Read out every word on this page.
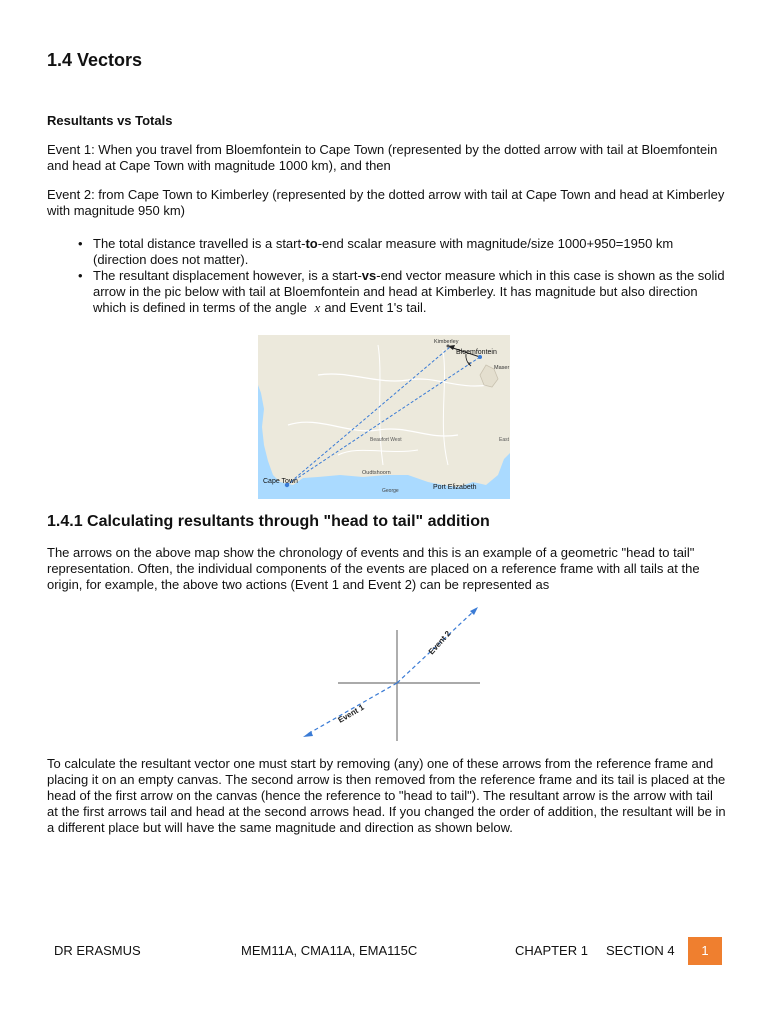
1.4 Vectors
Resultants vs Totals

Event 1: When you travel from Bloemfontein to Cape Town (represented by the dotted arrow with tail at Bloemfontein and head at Cape Town with magnitude 1000 km), and then

Event 2: from Cape Town to Kimberley (represented by the dotted arrow with tail at Cape Town and head at Kimberley with magnitude 950 km)

• The total distance travelled is a start-to-end scalar measure with magnitude/size 1000+950=1950 km (direction does not matter).
• The resultant displacement however, is a start-vs-end vector measure which in this case is shown as the solid arrow in the pic below with tail at Bloemfontein and head at Kimberley. It has magnitude but also direction which is defined in terms of the angle x and Event 1's tail.
Kimberley
Bloemfontein
x
Maser
Beaufort West
Cape Town
Oudtshoorn
George	Port Elizabeth
East
1.4.1 Calculating resultants through "head to tail" addition

The arrows on the above map show the chronology of events and this is an example of a geometric "head to tail" representation. Often, the individual components of the events are placed on a reference frame with all tails at the origin, for example, the above two actions (Event 1 and Event 2) can be represented as

Event 2
Event 1

To calculate the resultant vector one must start by removing (any) one of these arrows from the reference frame and placing it on an empty canvas. The second arrow is then removed from the reference frame and its tail is placed at the head of the first arrow on the canvas (hence the reference to "head to tail"). The resultant arrow is the arrow with tail at the first arrows tail and head at the second arrows head. If you changed the order of addition, the resultant will be in a different place but will have the same magnitude and direction as shown below.

DR ERASMUS	MEM11A, CMA11A, EMA115C	CHAPTER 1 SECTION 4	1
